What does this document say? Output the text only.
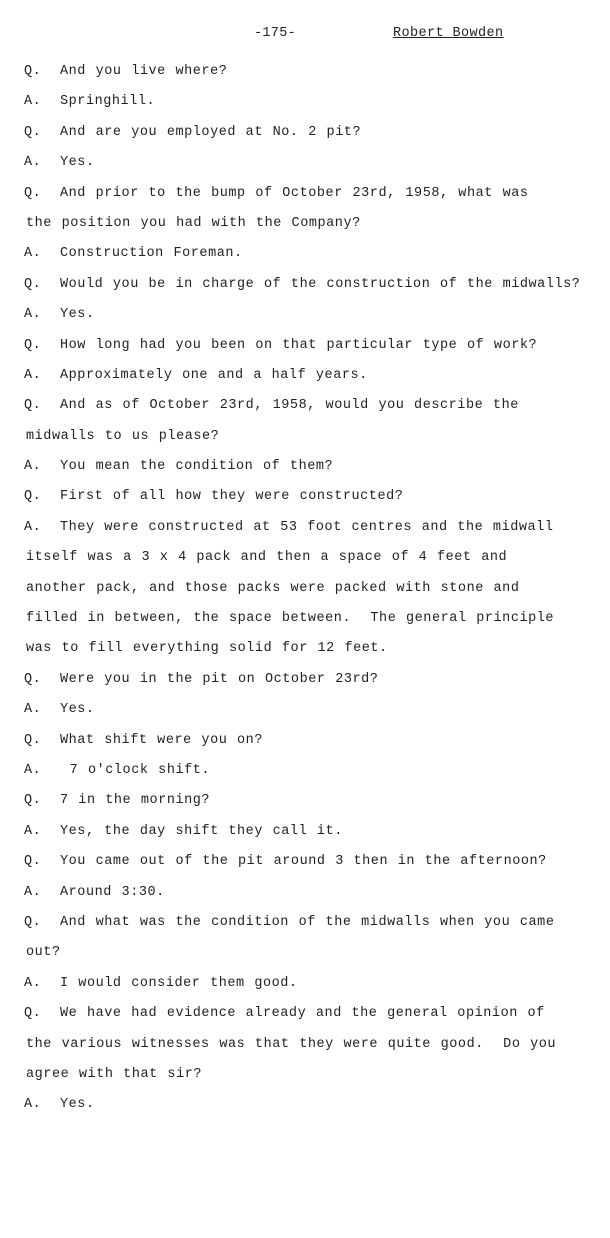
-175-	Robert Bowden
Q. And you live where?
A. Springhill.
Q. And are you employed at No. 2 pit?
A. Yes.
Q. And prior to the bump of October 23rd, 1958, what was
the position you had with the Company?
A. Construction Foreman.
Q. Would you be in charge of the construction of the midwalls?
A. Yes.
Q. How long had you been on that particular type of work?
A. Approximately one and a half years.
Q. And as of October 23rd, 1958, would you describe the
midwalls to us please?
A. You mean the condition of them?
Q. First of all how they were constructed?
A. They were constructed at 53 foot centres and the midwall
itself was a 3 x 4 pack and then a space of 4 feet and
another pack, and those packs were packed with stone and
filled in between, the space between.  The general principle
was to fill everything solid for 12 feet.
Q. Were you in the pit on October 23rd?
A. Yes.
Q. What shift were you on?
A. 7 o'clock shift.
Q. 7 in the morning?
A. Yes, the day shift they call it.
Q. You came out of the pit around 3 then in the afternoon?
A. Around 3:30.
Q. And what was the condition of the midwalls when you came
out?
A. I would consider them good.
Q. We have had evidence already and the general opinion of
the various witnesses was that they were quite good.  Do you
agree with that sir?
A. Yes.
